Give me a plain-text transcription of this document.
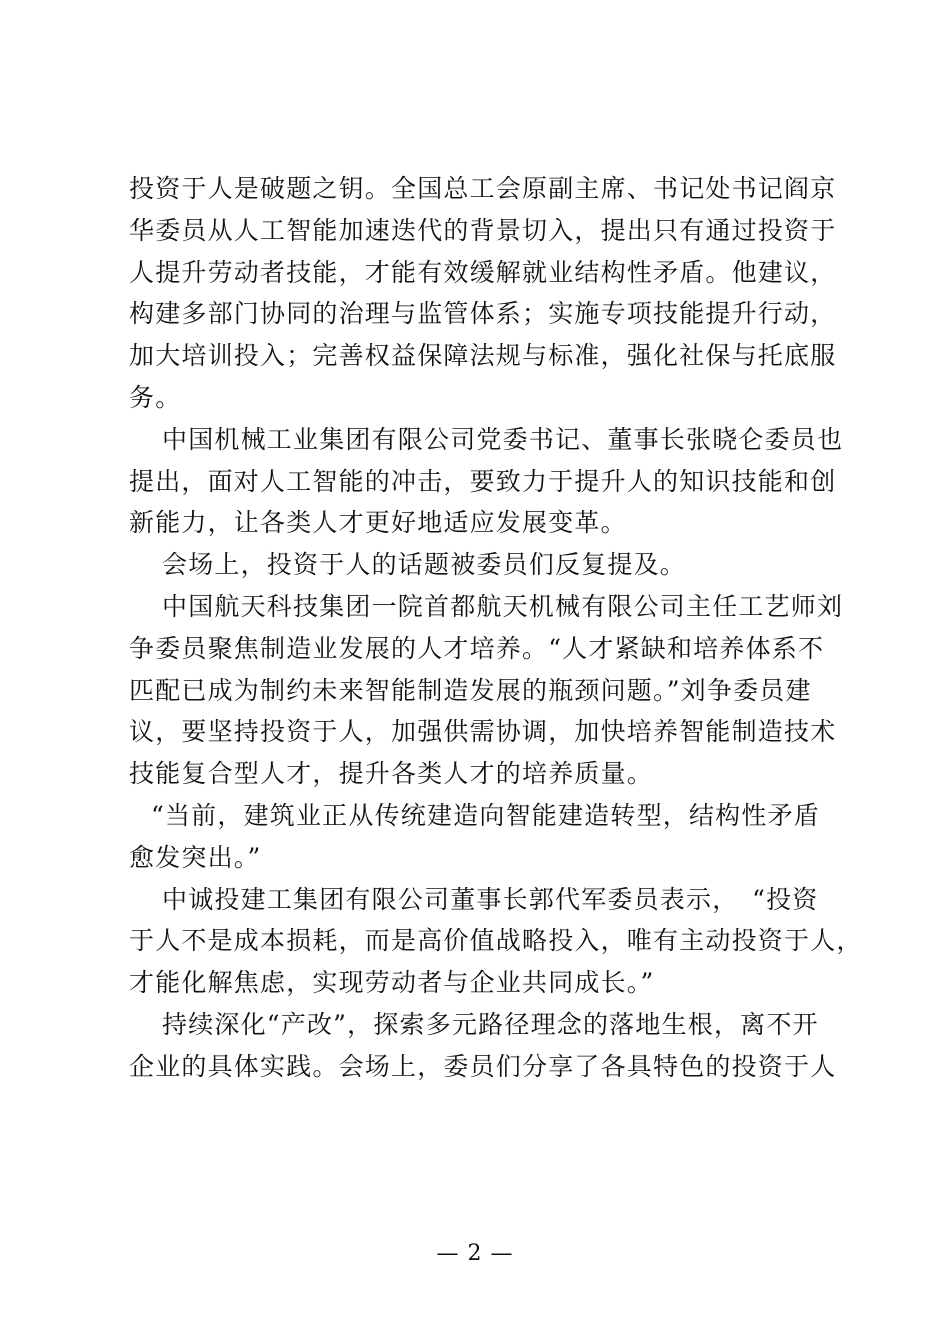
投资于人是破题之钥。全国总工会原副主席、书记处书记阎京
华委员从人工智能加速迭代的背景切入，提出只有通过投资于
人提升劳动者技能，才能有效缓解就业结构性矛盾。他建议，
构建多部门协同的治理与监管体系；实施专项技能提升行动，
加大培训投入；完善权益保障法规与标准，强化社保与托底服
务。
中国机械工业集团有限公司党委书记、董事长张晓仑委员也
提出，面对人工智能的冲击，要致力于提升人的知识技能和创
新能力，让各类人才更好地适应发展变革。
会场上，投资于人的话题被委员们反复提及。
中国航天科技集团一院首都航天机械有限公司主任工艺师刘
争委员聚焦制造业发展的人才培养。“人才紧缺和培养体系不
匹配已成为制约未来智能制造发展的瓶颈问题。”刘争委员建
议，要坚持投资于人，加强供需协调，加快培养智能制造技术
技能复合型人才，提升各类人才的培养质量。
“当前，建筑业正从传统建造向智能建造转型，结构性矛盾
愈发突出。”
中诚投建工集团有限公司董事长郭代军委员表示，　“投资
于人不是成本损耗，而是高价值战略投入，唯有主动投资于人，
才能化解焦虑，实现劳动者与企业共同成长。”
持续深化“产改”，探索多元路径理念的落地生根，离不开
企业的具体实践。会场上，委员们分享了各具特色的投资于人
— 2 —
